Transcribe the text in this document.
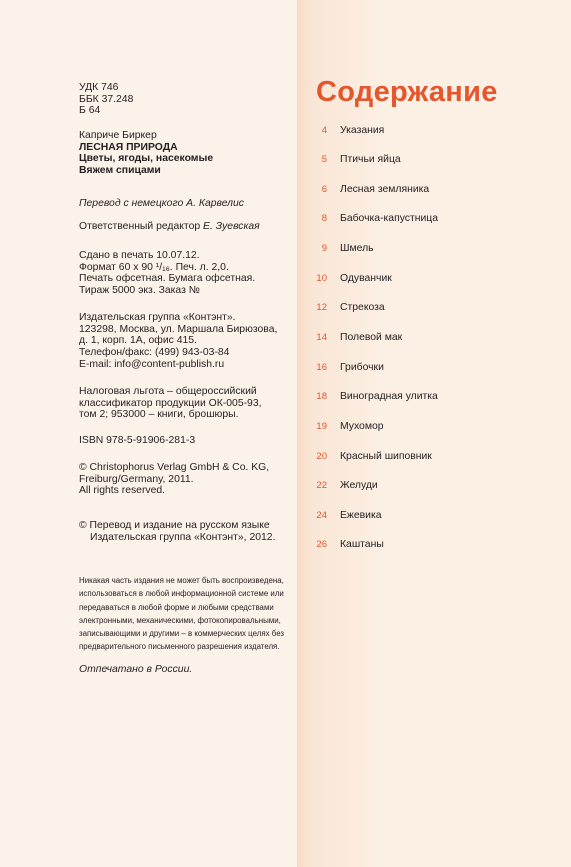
УДК 746
ББК 37.248
Б 64
Каприче Биркер
ЛЕСНАЯ ПРИРОДА
Цветы, ягоды, насекомые
Вяжем спицами
Перевод с немецкого А. Карвелис
Ответственный редактор Е. Зуевская
Сдано в печать 10.07.12.
Формат 60 х 90 ¹/₁₆. Печ. л. 2,0.
Печать офсетная. Бумага офсетная.
Тираж 5000 экз. Заказ №
Издательская группа «Контэнт».
123298, Москва, ул. Маршала Бирюзова,
д. 1, корп. 1А, офис 415.
Телефон/факс: (499) 943-03-84
E-mail: info@content-publish.ru
Налоговая льгота – общероссийский
классификатор продукции ОК-005-93,
том 2; 953000 – книги, брошюры.
ISBN 978-5-91906-281-3
© Christophorus Verlag GmbH & Co. KG,
Freiburg/Germany, 2011.
All rights reserved.
© Перевод и издание на русском языке
Издательская группа «Контэнт», 2012.
Никакая часть издания не может быть воспроизведена,
использоваться в любой информационной системе или
передаваться в любой форме и любыми средствами
электронными, механическими, фотокопировальными,
записывающими и другими – в коммерческих целях без
предварительного письменного разрешения издателя.
Отпечатано в России.
Содержание
4 Указания
5 Птичьи яйца
6 Лесная земляника
8 Бабочка-капустница
9 Шмель
10 Одуванчик
12 Стрекоза
14 Полевой мак
16 Грибочки
18 Виноградная улитка
19 Мухомор
20 Красный шиповник
22 Желуди
24 Ежевика
26 Каштаны
